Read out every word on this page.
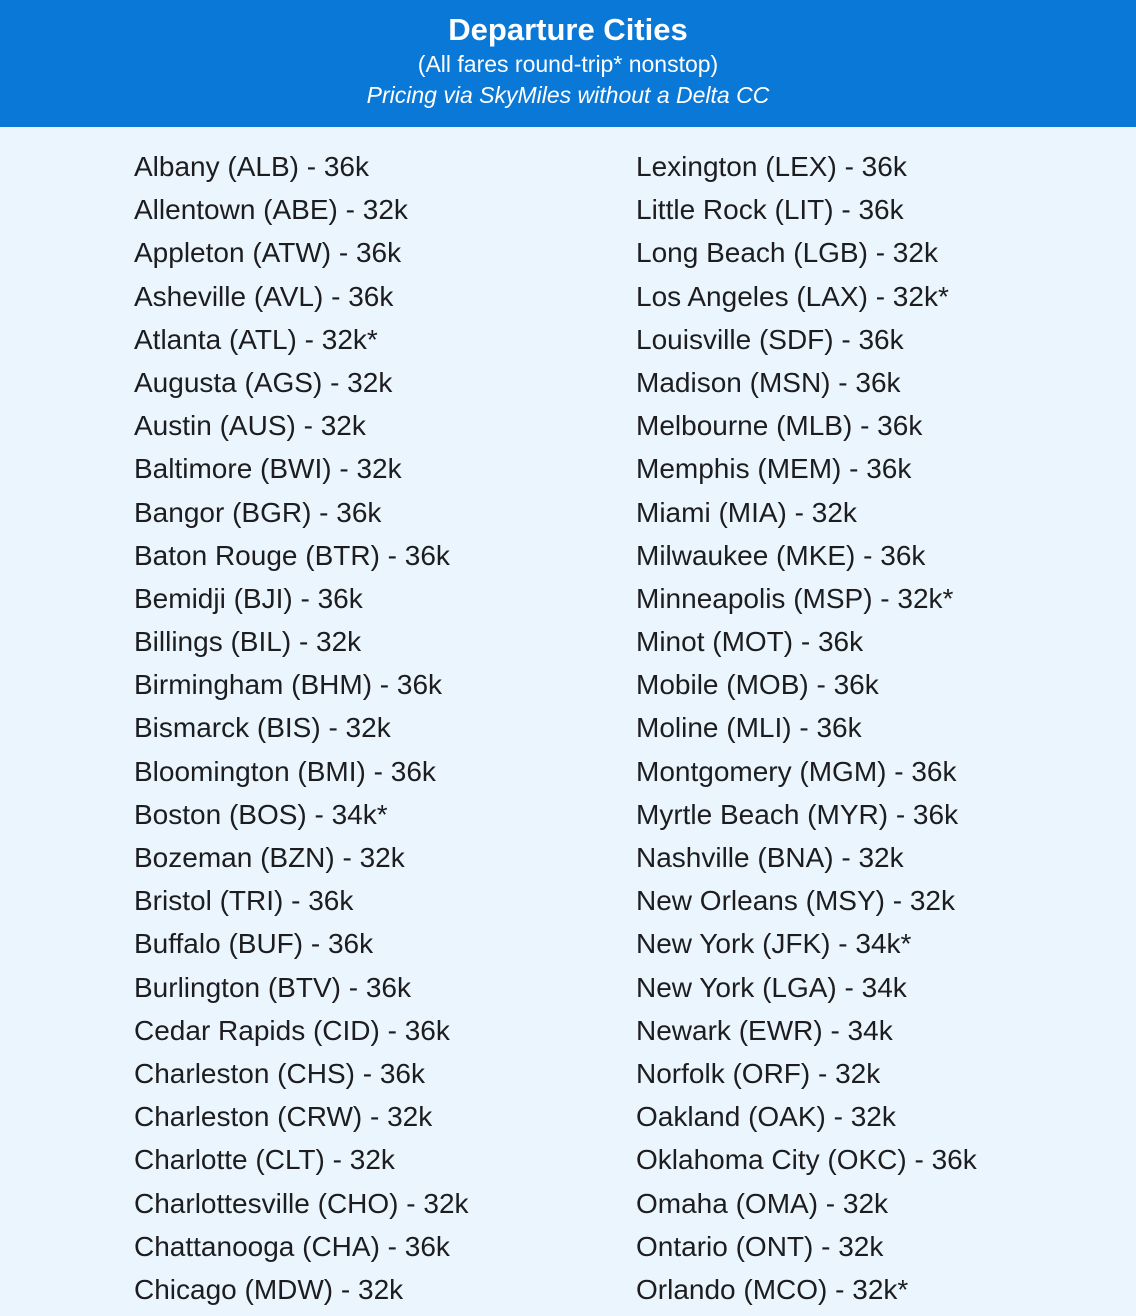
Departure Cities
(All fares round-trip* nonstop)
Pricing via SkyMiles without a Delta CC
Albany (ALB) - 36k
Allentown (ABE) - 32k
Appleton (ATW) - 36k
Asheville (AVL) - 36k
Atlanta (ATL) - 32k*
Augusta (AGS) - 32k
Austin (AUS) - 32k
Baltimore (BWI) - 32k
Bangor (BGR) - 36k
Baton Rouge (BTR) - 36k
Bemidji (BJI) - 36k
Billings (BIL) - 32k
Birmingham (BHM) - 36k
Bismarck (BIS) - 32k
Bloomington (BMI) - 36k
Boston (BOS) - 34k*
Bozeman (BZN) - 32k
Bristol (TRI) - 36k
Buffalo (BUF) - 36k
Burlington (BTV) - 36k
Cedar Rapids (CID) - 36k
Charleston (CHS) - 36k
Charleston (CRW) - 32k
Charlotte (CLT) - 32k
Charlottesville (CHO) - 32k
Chattanooga (CHA) - 36k
Chicago (MDW) - 32k
Lexington (LEX) - 36k
Little Rock (LIT) - 36k
Long Beach (LGB) - 32k
Los Angeles (LAX) - 32k*
Louisville (SDF) - 36k
Madison (MSN) - 36k
Melbourne (MLB) - 36k
Memphis (MEM) - 36k
Miami (MIA) - 32k
Milwaukee (MKE) - 36k
Minneapolis (MSP) - 32k*
Minot (MOT) - 36k
Mobile (MOB) - 36k
Moline (MLI) - 36k
Montgomery (MGM) - 36k
Myrtle Beach (MYR) - 36k
Nashville (BNA) - 32k
New Orleans (MSY) - 32k
New York (JFK) - 34k*
New York (LGA) - 34k
Newark (EWR) - 34k
Norfolk (ORF) - 32k
Oakland (OAK) - 32k
Oklahoma City (OKC) - 36k
Omaha (OMA) - 32k
Ontario (ONT) - 32k
Orlando (MCO) - 32k*
